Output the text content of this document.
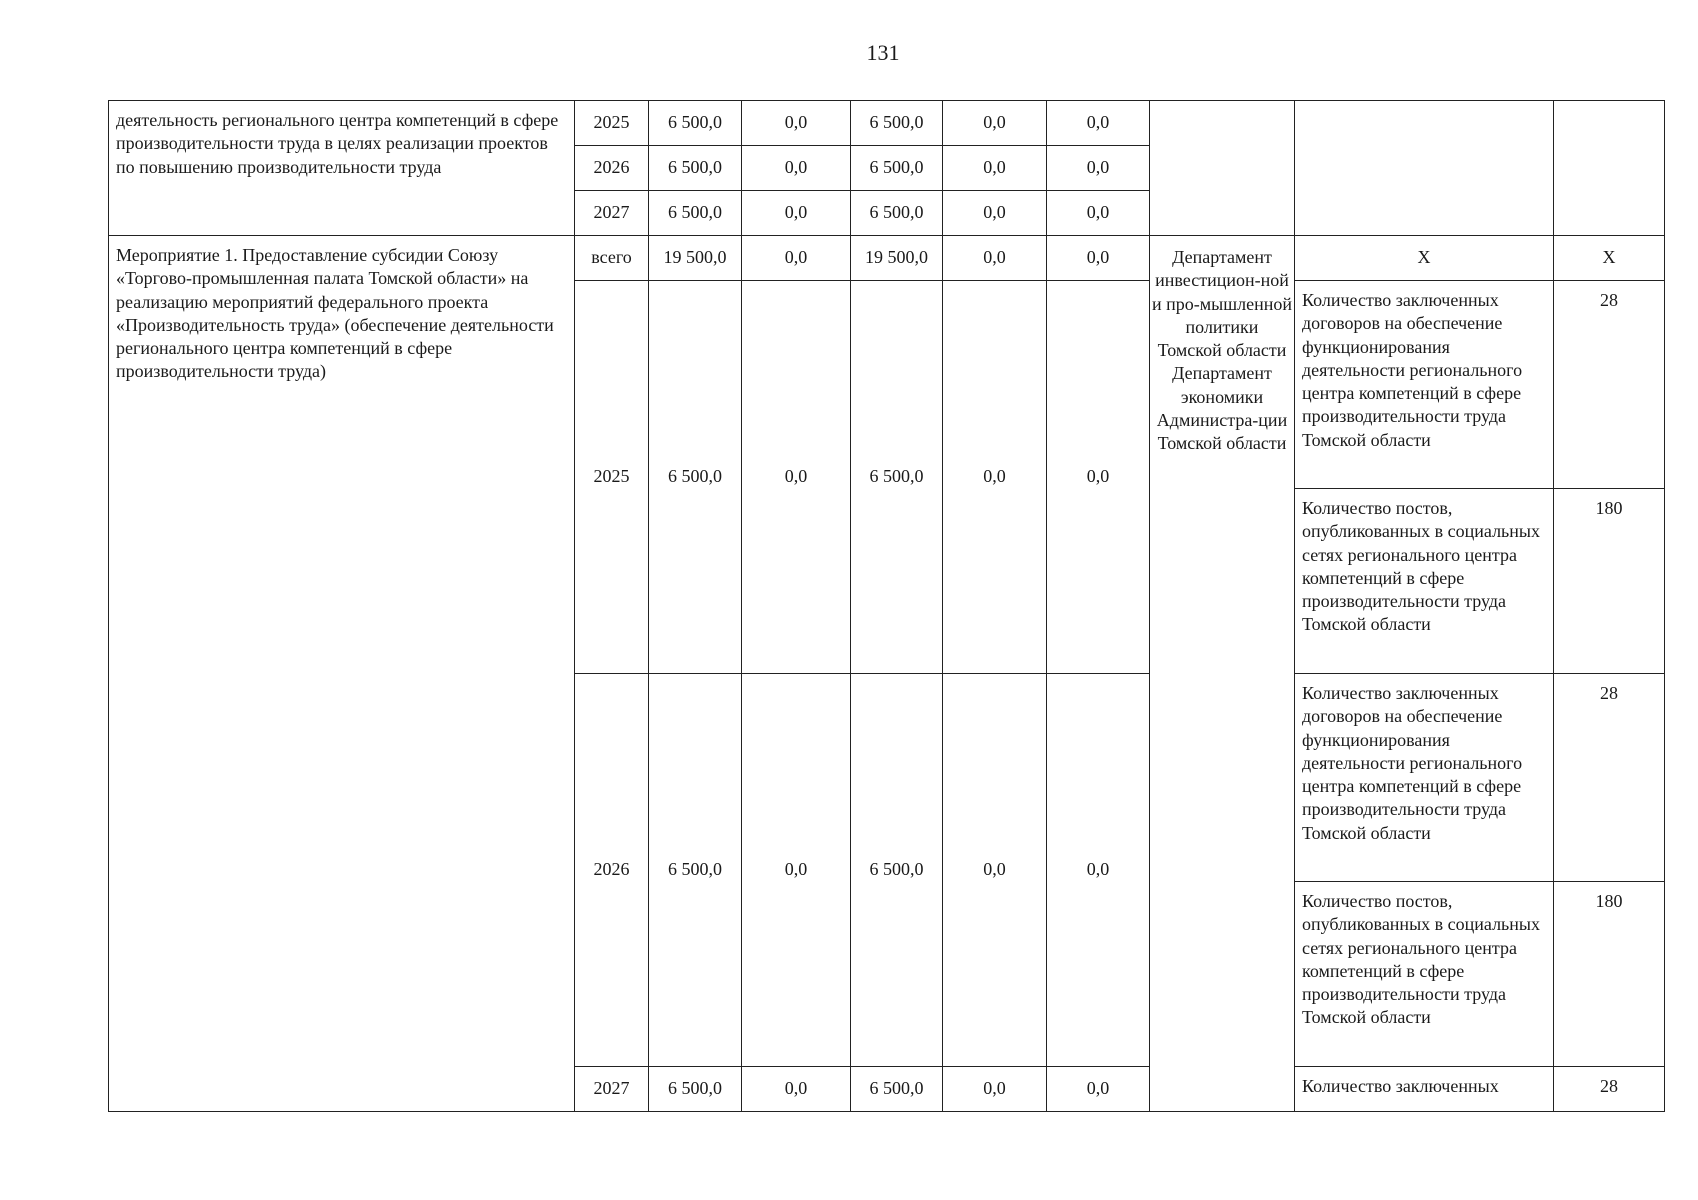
131
деятельность регионального центра компетенций в сфере производительности труда в целях реализации проектов по повышению производительности труда	2025	6 500,0	0,0	6 500,0	0,0	0,0			
	2026	6 500,0	0,0	6 500,0	0,0	0,0			
	2027	6 500,0	0,0	6 500,0	0,0	0,0			
Мероприятие 1. Предоставление субсидии Союзу «Торгово-промышленная палата Томской области» на реализацию мероприятий федерального проекта «Производительность труда» (обеспечение деятельности регионального центра компетенций в сфере производительности труда)	всего	19 500,0	0,0	19 500,0	0,0	0,0	Департамент инвестицион-ной и про-мышленной политики Томской области Департамент экономики Администра-ции Томской области	Х	Х
	2025	6 500,0	0,0	6 500,0	0,0	0,0		Количество заключенных договоров на обеспечение функционирования деятельности регионального центра компетенций в сфере производительности труда Томской области	28
								Количество постов, опубликованных в социальных сетях регионального центра компетенций в сфере производительности труда Томской области	180
	2026	6 500,0	0,0	6 500,0	0,0	0,0		Количество заключенных договоров на обеспечение функционирования деятельности регионального центра компетенций в сфере производительности труда Томской области	28
								Количество постов, опубликованных в социальных сетях регионального центра компетенций в сфере производительности труда Томской области	180
	2027	6 500,0	0,0	6 500,0	0,0	0,0		Количество заключенных	28
